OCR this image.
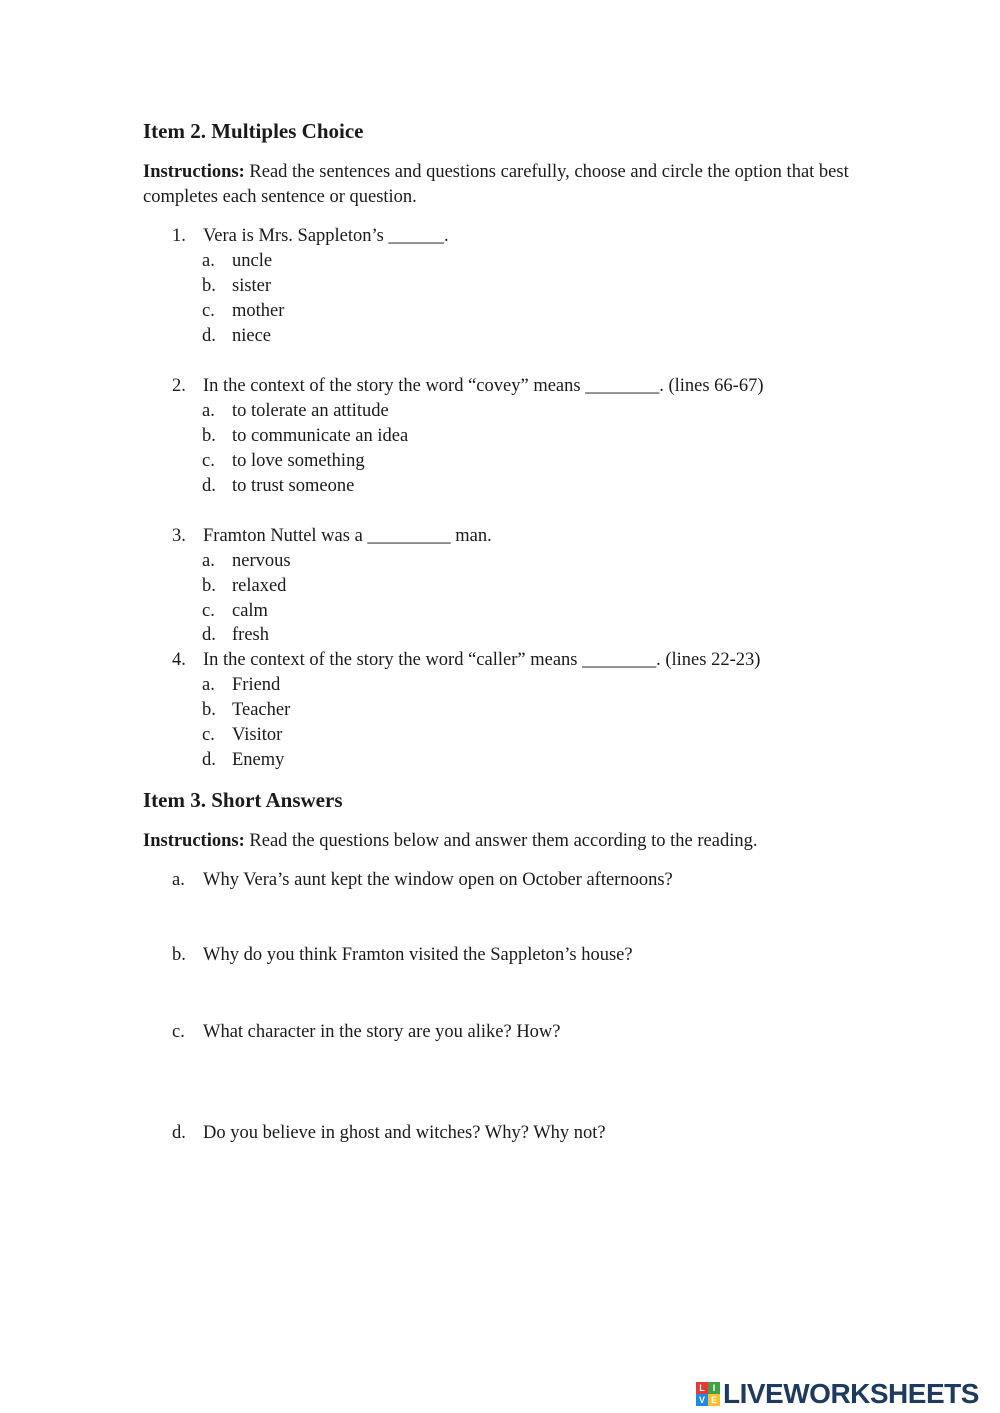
Item 2. Multiples Choice

Instructions: Read the sentences and questions carefully, choose and circle the option that best completes each sentence or question.

1. Vera is Mrs. Sappleton’s ______.
a. uncle
b. sister
c. mother
d. niece
2. In the context of the story the word “covey” means ________. (lines 66-67)
a. to tolerate an attitude
b. to communicate an idea
c. to love something
d. to trust someone
3. Framton Nuttel was a _________ man.
a. nervous
b. relaxed
c. calm
d. fresh
4. In the context of the story the word “caller” means ________. (lines 22-23)
a. Friend
b. Teacher
c. Visitor
d. Enemy
Item 3. Short Answers

Instructions: Read the questions below and answer them according to the reading.

a. Why Vera’s aunt kept the window open on October afternoons?
b. Why do you think Framton visited the Sappleton’s house?
c. What character in the story are you alike? How?
d. Do you believe in ghost and witches? Why? Why not?
L I
V E LIVEWORKSHEETS
